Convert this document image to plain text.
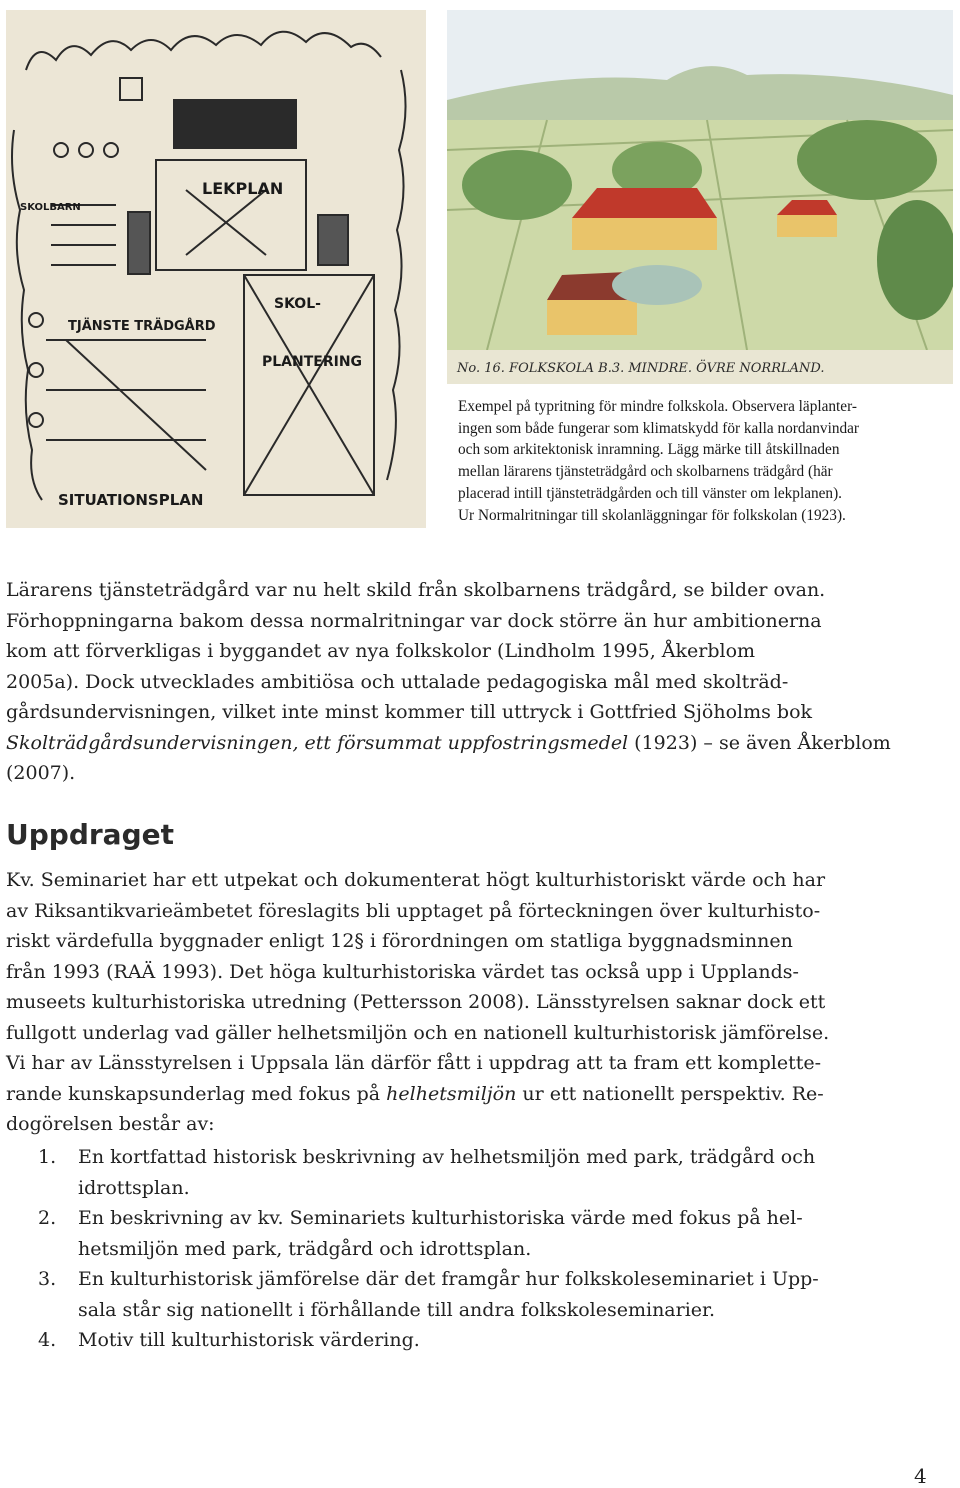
LEKPLAN
SKOLBARN
TJÄNSTE TRÄDGÅRD
SKOL-
PLANTERING
SITUATIONSPLAN
No. 16. FOLKSKOLA B.3. MINDRE. ÖVRE NORRLAND.

Exempel på typritning för mindre folkskola. Observera läplanter-
ingen som både fungerar som klimatskydd för kalla nordanvindar
och som arkitektonisk inramning. Lägg märke till åtskillnaden
mellan lärarens tjänsteträdgård och skolbarnens trädgård (här
placerad intill tjänsteträdgården och till vänster om lekplanen).
Ur Normalritningar till skolanläggningar för folkskolan (1923).

Lärarens tjänsteträdgård var nu helt skild från skolbarnens trädgård, se bilder ovan.
Förhoppningarna bakom dessa normalritningar var dock större än hur ambitionerna
kom att förverkligas i byggandet av nya folkskolor (Lindholm 1995, Åkerblom
2005a). Dock utvecklades ambitiösa och uttalade pedagogiska mål med skolträd-
gårdsundervisningen, vilket inte minst kommer till uttryck i Gottfried Sjöholms bok
Skolträdgårdsundervisningen, ett försummat uppfostringsmedel (1923) – se även Åkerblom
(2007).
Uppdraget
Kv. Seminariet har ett utpekat och dokumenterat högt kulturhistoriskt värde och har
av Riksantikvarieämbetet föreslagits bli upptaget på förteckningen över kulturhisto-
riskt värdefulla byggnader enligt 12§ i förordningen om statliga byggnadsminnen
från 1993 (RAÄ 1993). Det höga kulturhistoriska värdet tas också upp i Upplands-
museets kulturhistoriska utredning (Pettersson 2008). Länsstyrelsen saknar dock ett
fullgott underlag vad gäller helhetsmiljön och en nationell kulturhistorisk jämförelse.
Vi har av Länsstyrelsen i Uppsala län därför fått i uppdrag att ta fram ett komplette-
rande kunskapsunderlag med fokus på helhetsmiljön ur ett nationellt perspektiv. Re-
dogörelsen består av:
1. En kortfattad historisk beskrivning av helhetsmiljön med park, trädgård och
idrottsplan.
2. En beskrivning av kv. Seminariets kulturhistoriska värde med fokus på hel-
hetsmiljön med park, trädgård och idrottsplan.
3. En kulturhistorisk jämförelse där det framgår hur folkskoleseminariet i Upp-
sala står sig nationellt i förhållande till andra folkskoleseminarier.
4. Motiv till kulturhistorisk värdering.
4
